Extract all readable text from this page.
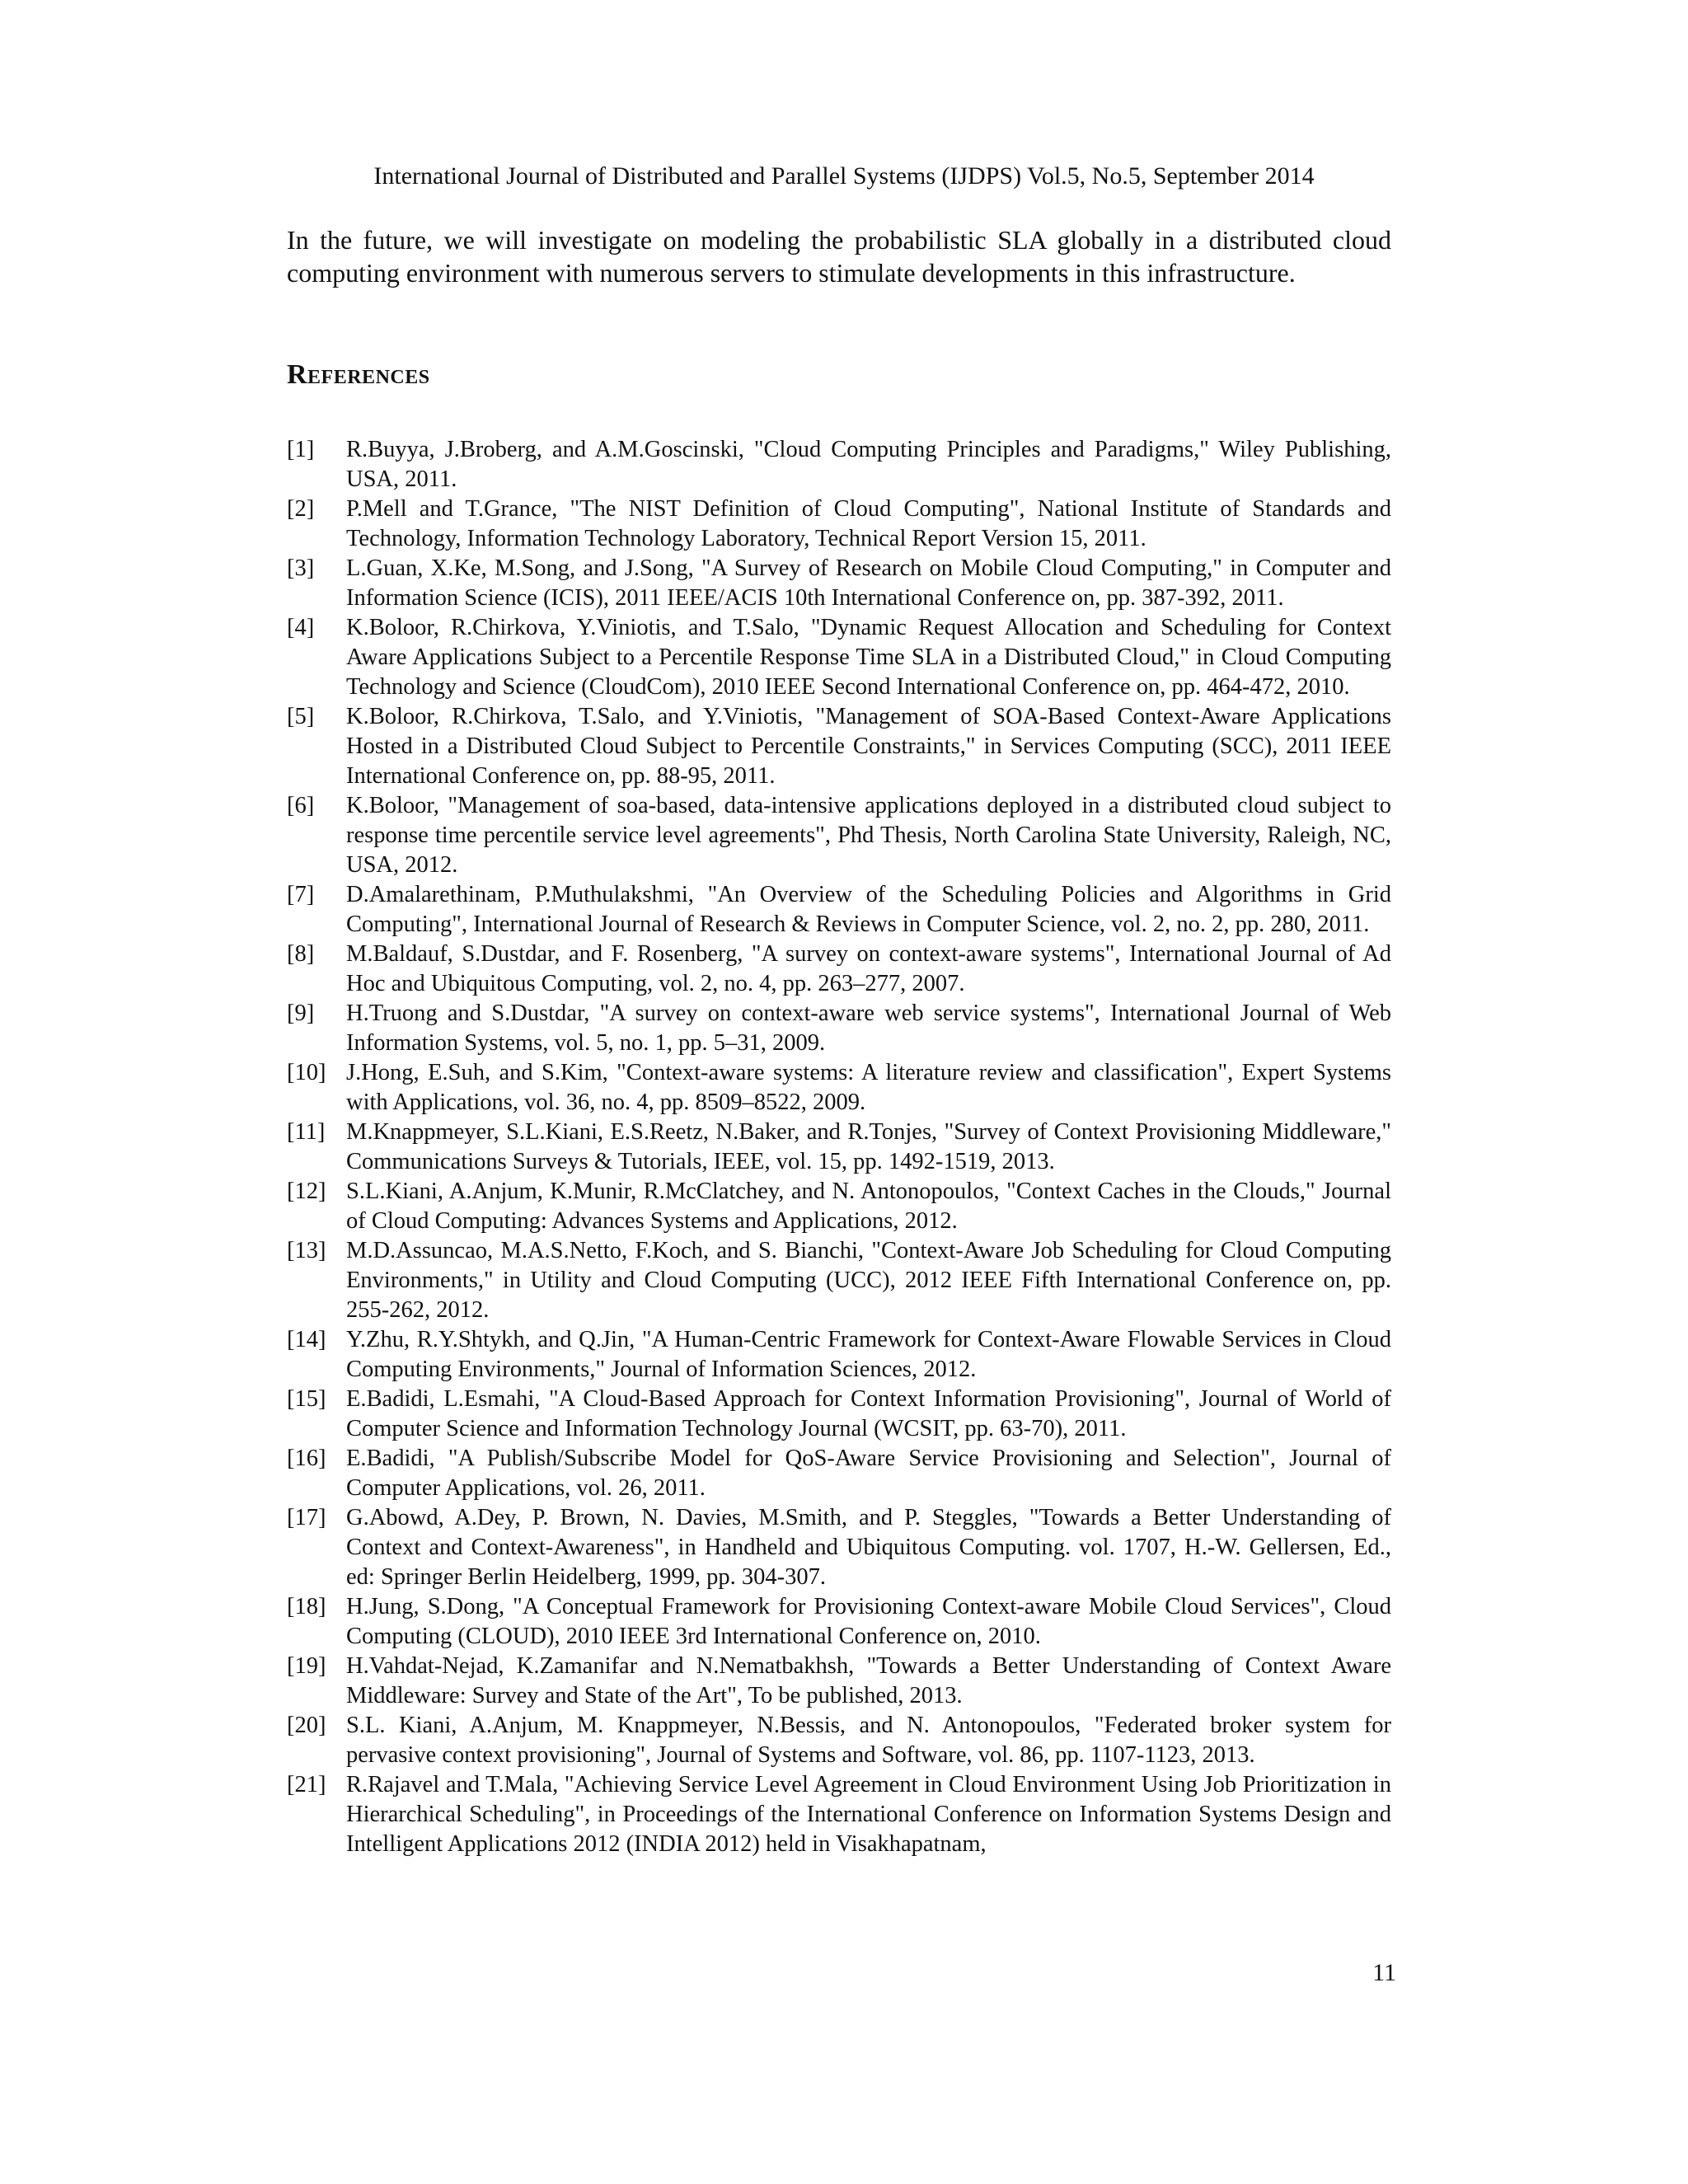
International Journal of Distributed and Parallel Systems (IJDPS) Vol.5, No.5, September 2014

In the future, we will investigate on modeling the probabilistic SLA globally in a distributed cloud computing environment with numerous servers to stimulate developments in this infrastructure.

References
[1] R.Buyya, J.Broberg, and A.M.Goscinski, "Cloud Computing Principles and Paradigms," Wiley Publishing, USA, 2011.
[2] P.Mell and T.Grance, "The NIST Definition of Cloud Computing", National Institute of Standards and Technology, Information Technology Laboratory, Technical Report Version 15, 2011.
[3] L.Guan, X.Ke, M.Song, and J.Song, "A Survey of Research on Mobile Cloud Computing," in Computer and Information Science (ICIS), 2011 IEEE/ACIS 10th International Conference on, pp. 387-392, 2011.
[4] K.Boloor, R.Chirkova, Y.Viniotis, and T.Salo, "Dynamic Request Allocation and Scheduling for Context Aware Applications Subject to a Percentile Response Time SLA in a Distributed Cloud," in Cloud Computing Technology and Science (CloudCom), 2010 IEEE Second International Conference on, pp. 464-472, 2010.
[5] K.Boloor, R.Chirkova, T.Salo, and Y.Viniotis, "Management of SOA-Based Context-Aware Applications Hosted in a Distributed Cloud Subject to Percentile Constraints," in Services Computing (SCC), 2011 IEEE International Conference on, pp. 88-95, 2011.
[6] K.Boloor, "Management of soa-based, data-intensive applications deployed in a distributed cloud subject to response time percentile service level agreements", Phd Thesis, North Carolina State University, Raleigh, NC, USA, 2012.
[7] D.Amalarethinam, P.Muthulakshmi, "An Overview of the Scheduling Policies and Algorithms in Grid Computing", International Journal of Research & Reviews in Computer Science, vol. 2, no. 2, pp. 280, 2011.
[8] M.Baldauf, S.Dustdar, and F. Rosenberg, "A survey on context-aware systems", International Journal of Ad Hoc and Ubiquitous Computing, vol. 2, no. 4, pp. 263–277, 2007.
[9] H.Truong and S.Dustdar, "A survey on context-aware web service systems", International Journal of Web Information Systems, vol. 5, no. 1, pp. 5–31, 2009.
[10] J.Hong, E.Suh, and S.Kim, "Context-aware systems: A literature review and classification", Expert Systems with Applications, vol. 36, no. 4, pp. 8509–8522, 2009.
[11] M.Knappmeyer, S.L.Kiani, E.S.Reetz, N.Baker, and R.Tonjes, "Survey of Context Provisioning Middleware," Communications Surveys & Tutorials, IEEE, vol. 15, pp. 1492-1519, 2013.
[12] S.L.Kiani, A.Anjum, K.Munir, R.McClatchey, and N. Antonopoulos, "Context Caches in the Clouds," Journal of Cloud Computing: Advances Systems and Applications, 2012.
[13] M.D.Assuncao, M.A.S.Netto, F.Koch, and S. Bianchi, "Context-Aware Job Scheduling for Cloud Computing Environments," in Utility and Cloud Computing (UCC), 2012 IEEE Fifth International Conference on, pp. 255-262, 2012.
[14] Y.Zhu, R.Y.Shtykh, and Q.Jin, "A Human-Centric Framework for Context-Aware Flowable Services in Cloud Computing Environments," Journal of Information Sciences, 2012.
[15] E.Badidi, L.Esmahi, "A Cloud-Based Approach for Context Information Provisioning", Journal of World of Computer Science and Information Technology Journal (WCSIT, pp. 63-70), 2011.
[16] E.Badidi, "A Publish/Subscribe Model for QoS-Aware Service Provisioning and Selection", Journal of Computer Applications, vol. 26, 2011.
[17] G.Abowd, A.Dey, P. Brown, N. Davies, M.Smith, and P. Steggles, "Towards a Better Understanding of Context and Context-Awareness", in Handheld and Ubiquitous Computing. vol. 1707, H.-W. Gellersen, Ed., ed: Springer Berlin Heidelberg, 1999, pp. 304-307.
[18] H.Jung, S.Dong, "A Conceptual Framework for Provisioning Context-aware Mobile Cloud Services", Cloud Computing (CLOUD), 2010 IEEE 3rd International Conference on, 2010.
[19] H.Vahdat-Nejad, K.Zamanifar and N.Nematbakhsh, "Towards a Better Understanding of Context Aware Middleware: Survey and State of the Art", To be published, 2013.
[20] S.L. Kiani, A.Anjum, M. Knappmeyer, N.Bessis, and N. Antonopoulos, "Federated broker system for pervasive context provisioning", Journal of Systems and Software, vol. 86, pp. 1107-1123, 2013.
[21] R.Rajavel and T.Mala, "Achieving Service Level Agreement in Cloud Environment Using Job Prioritization in Hierarchical Scheduling", in Proceedings of the International Conference on Information Systems Design and Intelligent Applications 2012 (INDIA 2012) held in Visakhapatnam,
11
